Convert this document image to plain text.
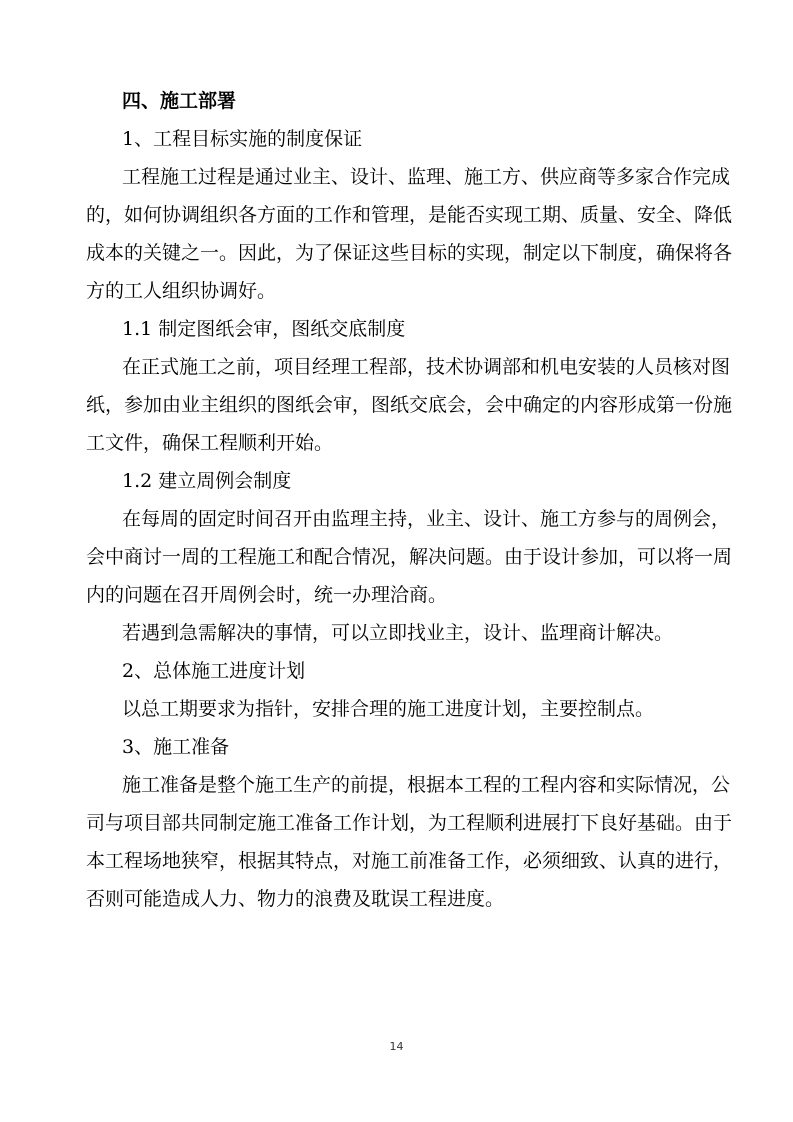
四、施工部署
1、工程目标实施的制度保证
工程施工过程是通过业主、设计、监理、施工方、供应商等多家合作完成
的，如何协调组织各方面的工作和管理，是能否实现工期、质量、安全、降低
成本的关键之一。因此，为了保证这些目标的实现，制定以下制度，确保将各
方的工人组织协调好。
1.1 制定图纸会审，图纸交底制度
在正式施工之前，项目经理工程部，技术协调部和机电安装的人员核对图
纸，参加由业主组织的图纸会审，图纸交底会，会中确定的内容形成第一份施
工文件，确保工程顺利开始。
1.2 建立周例会制度
在每周的固定时间召开由监理主持，业主、设计、施工方参与的周例会，
会中商讨一周的工程施工和配合情况，解决问题。由于设计参加，可以将一周
内的问题在召开周例会时，统一办理洽商。
若遇到急需解决的事情，可以立即找业主，设计、监理商计解决。
2、总体施工进度计划
以总工期要求为指针，安排合理的施工进度计划，主要控制点。
3、施工准备
施工准备是整个施工生产的前提，根据本工程的工程内容和实际情况，公
司与项目部共同制定施工准备工作计划，为工程顺利进展打下良好基础。由于
本工程场地狭窄，根据其特点，对施工前准备工作，必须细致、认真的进行，
否则可能造成人力、物力的浪费及耽误工程进度。
14
